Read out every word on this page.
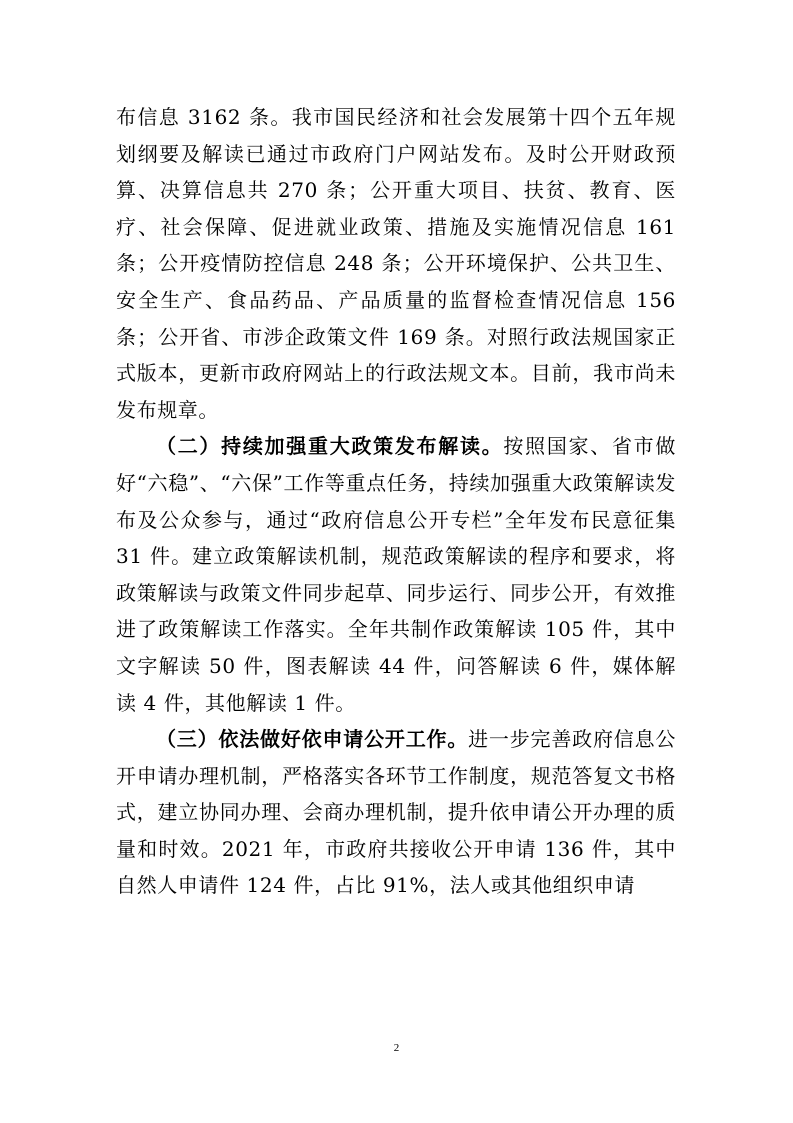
布信息 3162 条。我市国民经济和社会发展第十四个五年规划纲要及解读已通过市政府门户网站发布。及时公开财政预算、决算信息共 270 条；公开重大项目、扶贫、教育、医疗、社会保障、促进就业政策、措施及实施情况信息 161 条；公开疫情防控信息 248 条；公开环境保护、公共卫生、安全生产、食品药品、产品质量的监督检查情况信息 156 条；公开省、市涉企政策文件 169 条。对照行政法规国家正式版本，更新市政府网站上的行政法规文本。目前，我市尚未发布规章。

（二）持续加强重大政策发布解读。按照国家、省市做好“六稳”、“六保”工作等重点任务，持续加强重大政策解读发布及公众参与，通过“政府信息公开专栏”全年发布民意征集 31 件。建立政策解读机制，规范政策解读的程序和要求，将政策解读与政策文件同步起草、同步运行、同步公开，有效推进了政策解读工作落实。全年共制作政策解读 105 件，其中文字解读 50 件，图表解读 44 件，问答解读 6 件，媒体解读 4 件，其他解读 1 件。

（三）依法做好依申请公开工作。进一步完善政府信息公开申请办理机制，严格落实各环节工作制度，规范答复文书格式，建立协同办理、会商办理机制，提升依申请公开办理的质量和时效。2021 年，市政府共接收公开申请 136 件，其中自然人申请件 124 件，占比 91%，法人或其他组织申请

2
